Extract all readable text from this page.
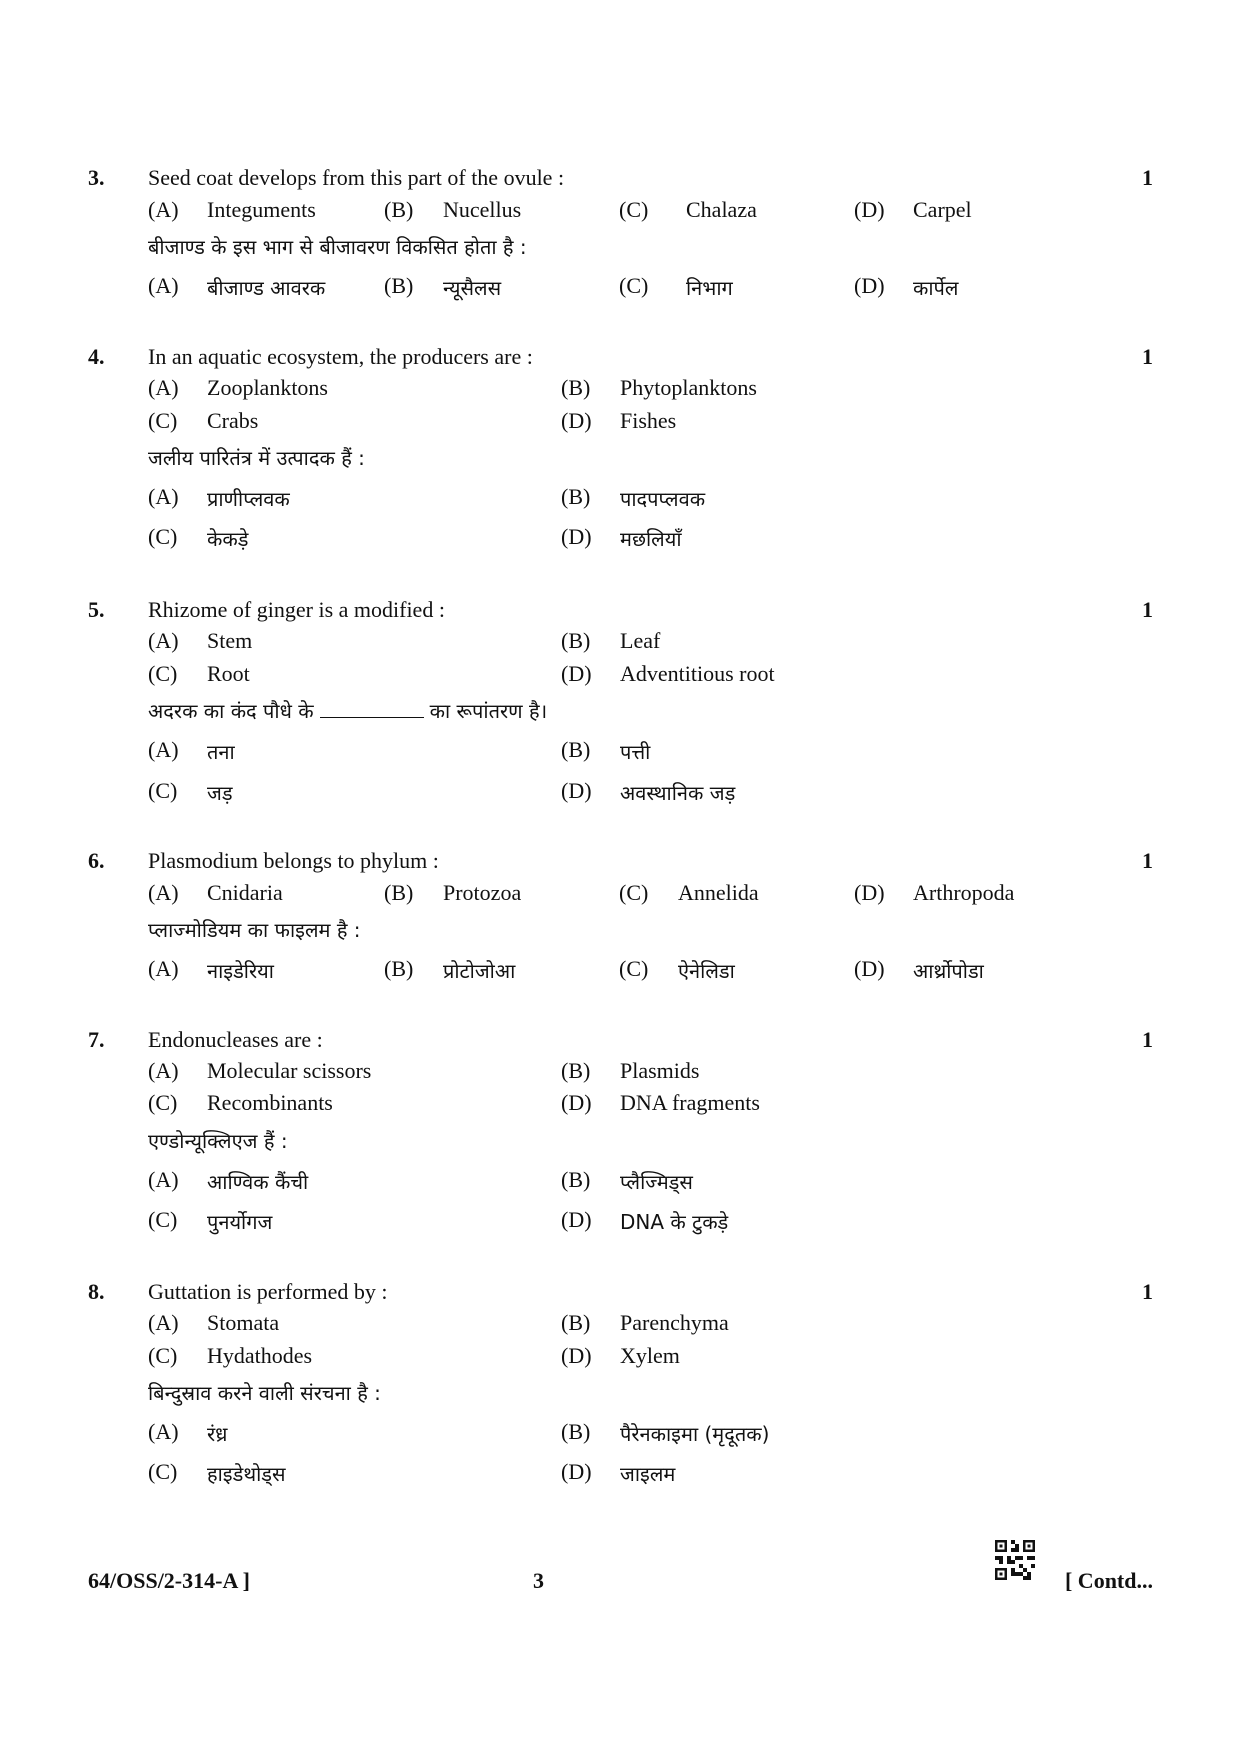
3.	1
Seed coat develops from this part of the ovule :
(A) Integuments	(B) Nucellus	(C) Chalaza	(D) Carpel
बीजाण्ड के इस भाग से बीजावरण विकसित होता है :
(A) बीजाण्ड आवरक	(B) न्यूसैलस	(C) निभाग	(D) कार्पेल
4.	1
In an aquatic ecosystem, the producers are :
(A) Zooplanktons	(B) Phytoplanktons
(C) Crabs	(D) Fishes
जलीय पारितंत्र में उत्पादक हैं :
(A) प्राणीप्लवक	(B) पादपप्लवक
(C) केकड़े	(D) मछलियाँ
5.	1
Rhizome of ginger is a modified :
(A) Stem	(B) Leaf
(C) Root	(D) Adventitious root
अदरक का कंद पौधे के	का रूपांतरण है।
(A) तना	(B) पत्ती
(C) जड़	(D) अवस्थानिक जड़
6.	1
Plasmodium belongs to phylum :
(A) Cnidaria	(B) Protozoa	(C) Annelida	(D) Arthropoda
प्लाज्मोडियम का फाइलम है :
(A) नाइडेरिया	(B) प्रोटोजोआ	(C) ऐनेलिडा	(D) आर्थ्रोपोडा
7.	1
Endonucleases are :
(A) Molecular scissors	(B) Plasmids
(C) Recombinants	(D) DNA fragments
एण्डोन्यूक्लिएज हैं :
(A) आण्विक कैंची	(B) प्लैज्मिड्स
(C) पुनर्योगज	(D) DNA के टुकड़े
8.	1
Guttation is performed by :
(A) Stomata	(B) Parenchyma
(C) Hydathodes	(D) Xylem
बिन्दुस्राव करने वाली संरचना है :
(A) रंध्र	(B) पैरेनकाइमा (मृदूतक)
(C) हाइडेथोड्स	(D) जाइलम
64/OSS/2-314-A ]	3	[ Contd...
